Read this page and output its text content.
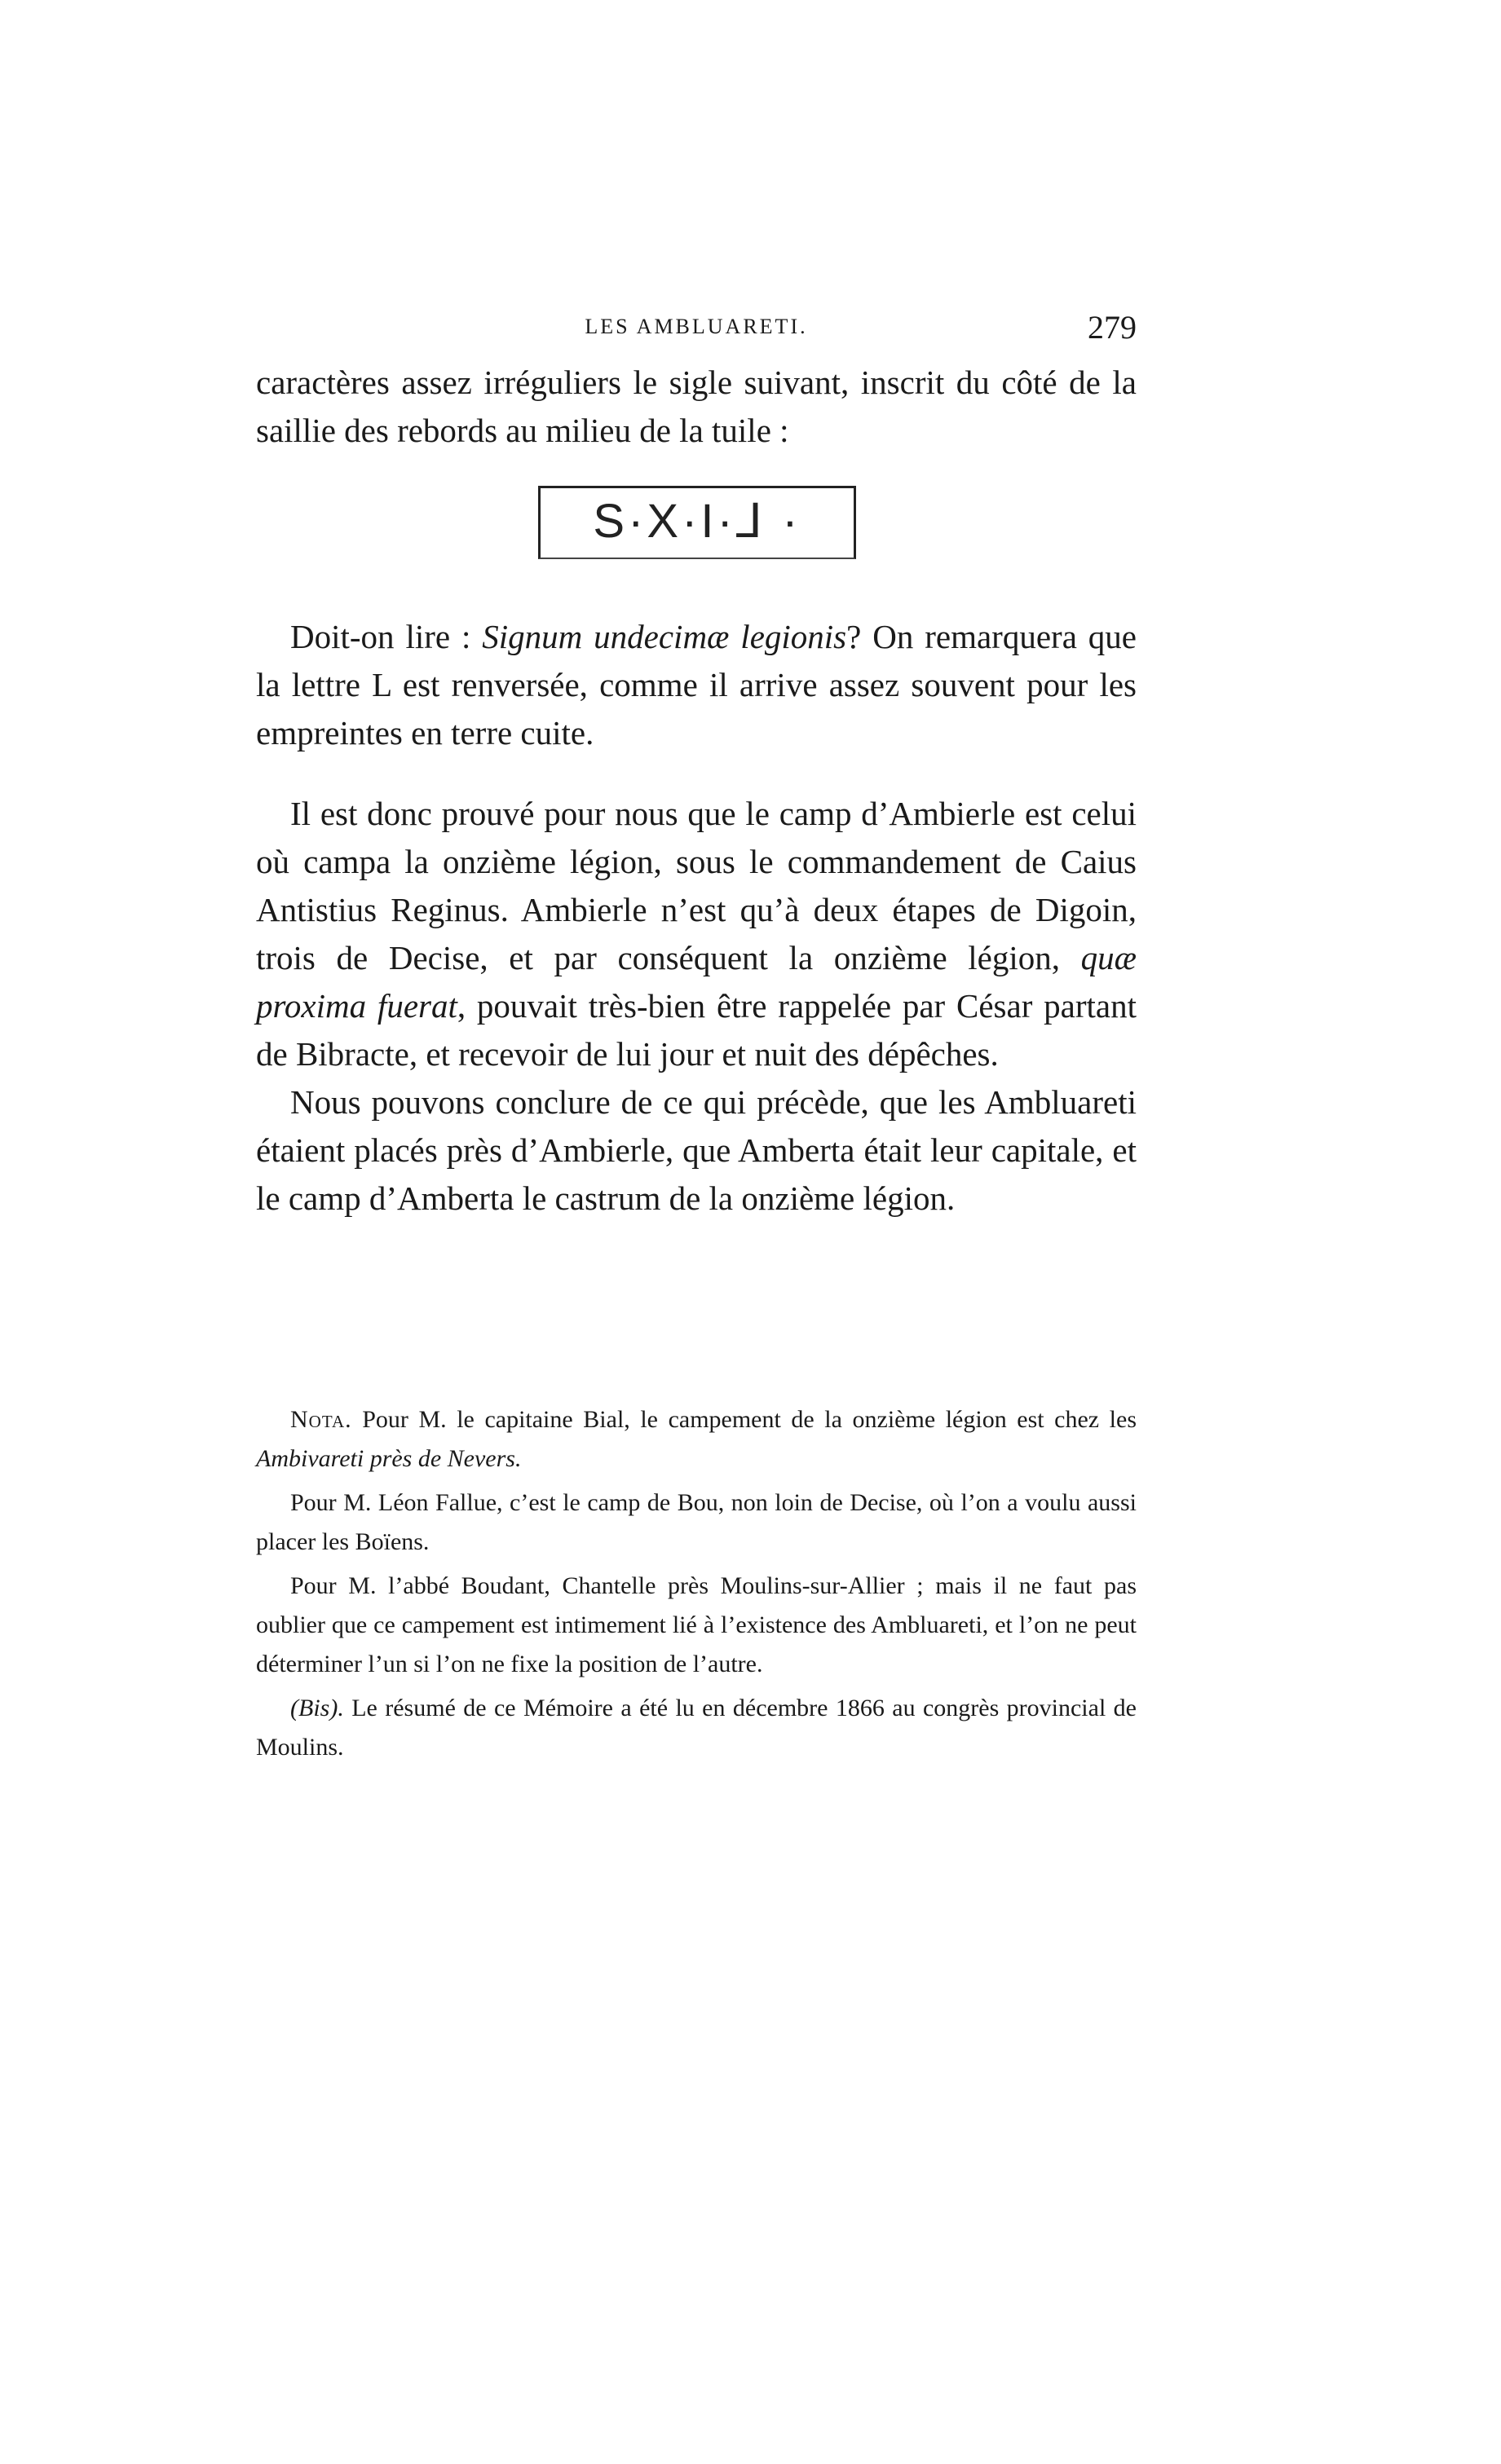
LES AMBLUARETI.	279

caractères assez irréguliers le sigle suivant, inscrit du côté de la saillie des rebords au milieu de la tuile :

S·X·I·⅃ ·

Doit-on lire : Signum undecimæ legionis? On remarquera que la lettre L est renversée, comme il arrive assez souvent pour les empreintes en terre cuite.

Il est donc prouvé pour nous que le camp d’Ambierle est celui où campa la onzième légion, sous le commandement de Caius Antistius Reginus. Ambierle n’est qu’à deux étapes de Digoin, trois de Decise, et par conséquent la onzième légion, quæ proxima fuerat, pouvait très-bien être rappelée par César partant de Bibracte, et recevoir de lui jour et nuit des dépêches.

Nous pouvons conclure de ce qui précède, que les Ambluareti étaient placés près d’Ambierle, que Amberta était leur capitale, et le camp d’Amberta le castrum de la onzième légion.

Nota. Pour M. le capitaine Bial, le campement de la onzième légion est chez les Ambivareti près de Nevers.

Pour M. Léon Fallue, c’est le camp de Bou, non loin de Decise, où l’on a voulu aussi placer les Boïens.

Pour M. l’abbé Boudant, Chantelle près Moulins-sur-Allier ; mais il ne faut pas oublier que ce campement est intimement lié à l’existence des Ambluareti, et l’on ne peut déterminer l’un si l’on ne fixe la position de l’autre.

(Bis). Le résumé de ce Mémoire a été lu en décembre 1866 au congrès provincial de Moulins.
